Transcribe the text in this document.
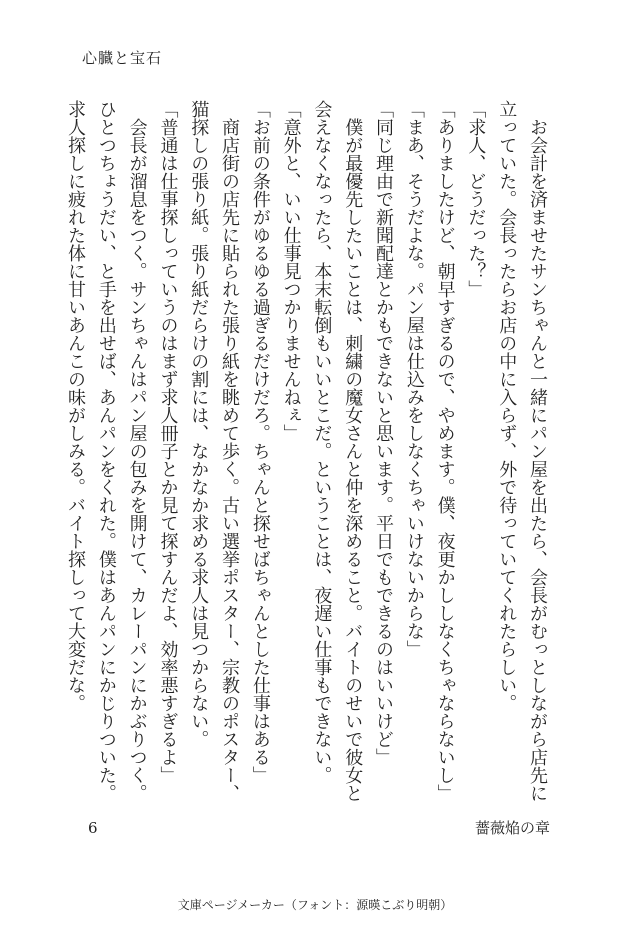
心臓と宝石

　お会計を済ませたサンちゃんと一緒にパン屋を出たら、会長がむっとしながら店先に

立っていた。会長ったらお店の中に入らず、外で待っていてくれたらしい。

「求人、どうだった？」

「ありましたけど、朝早すぎるので、やめます。僕、夜更かししなくちゃならないし」

「まあ、そうだよな。パン屋は仕込みをしなくちゃいけないからな」

「同じ理由で新聞配達とかもできないと思います。平日でもできるのはいいけど」

　僕が最優先したいことは、刺繍の魔女さんと仲を深めること。バイトのせいで彼女と

会えなくなったら、本末転倒もいいとこだ。ということは、夜遅い仕事もできない。

「意外と、いい仕事見つかりませんねぇ」

「お前の条件がゆるゆる過ぎるだけだろ。ちゃんと探せばちゃんとした仕事はある」

　商店街の店先に貼られた張り紙を眺めて歩く。古い選挙ポスター、宗教のポスター、

猫探しの張り紙。張り紙だらけの割には、なかなか求める求人は見つからない。

「普通は仕事探しっていうのはまず求人冊子とか見て探すんだよ、効率悪すぎるよ」

　会長が溜息をつく。サンちゃんはパン屋の包みを開けて、カレーパンにかぶりつく。

ひとつちょうだい、と手を出せば、あんパンをくれた。僕はあんパンにかじりついた。

求人探しに疲れた体に甘いあんこの味がしみる。バイト探しって大変だな。

6	薔薇焔の章
文庫ページメーカー（フォント：源暎こぶり明朝）
